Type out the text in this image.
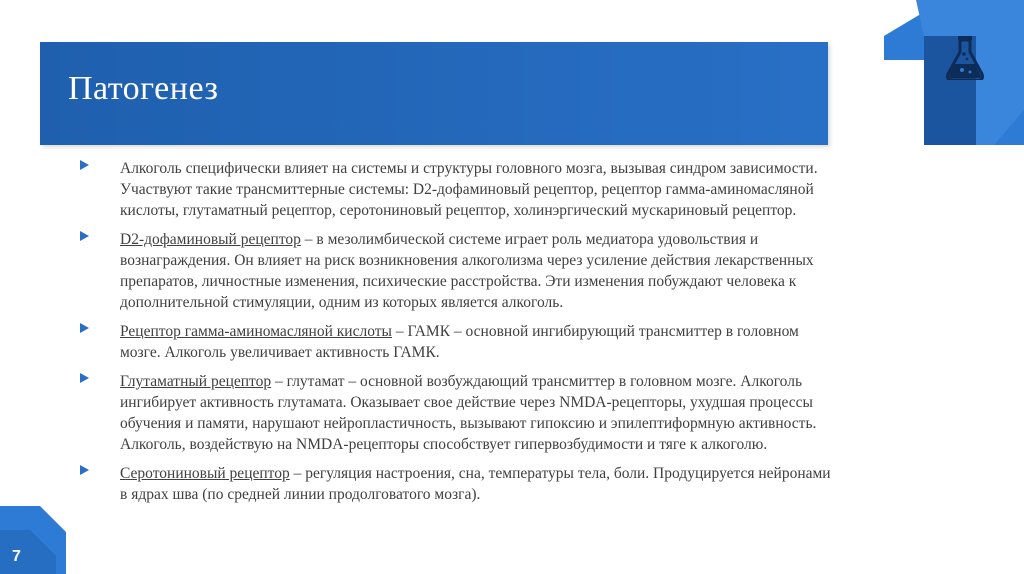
Патогенез

Алкоголь специфически влияет на системы и структуры головного мозга, вызывая синдром зависимости. Участвуют такие трансмиттерные системы: D2-дофаминовый рецептор, рецептор гамма-аминомасляной кислоты, глутаматный рецептор, серотониновый рецептор, холинэргический мускариновый рецептор.

D2-дофаминовый рецептор – в мезолимбической системе играет роль медиатора удовольствия и вознаграждения. Он влияет на риск возникновения алкоголизма через усиление действия лекарственных препаратов, личностные изменения, психические расстройства. Эти изменения побуждают человека к дополнительной стимуляции, одним из которых является алкоголь.

Рецептор гамма-аминомасляной кислоты – ГАМК – основной ингибирующий трансмиттер в головном мозге. Алкоголь увеличивает активность ГАМК.

Глутаматный рецептор – глутамат – основной возбуждающий трансмиттер в головном мозге. Алкоголь ингибирует активность глутамата. Оказывает свое действие через NMDA-рецепторы, ухудшая процессы обучения и памяти, нарушают нейропластичность, вызывают гипоксию и эпилептиформную активность. Алкоголь, воздействую на NMDA-рецепторы способствует гипервозбудимости и тяге к алкоголю.

Серотониновый рецептор – регуляция настроения, сна, температуры тела, боли. Продуцируется нейронами в ядрах шва (по средней линии продолговатого мозга).

7
